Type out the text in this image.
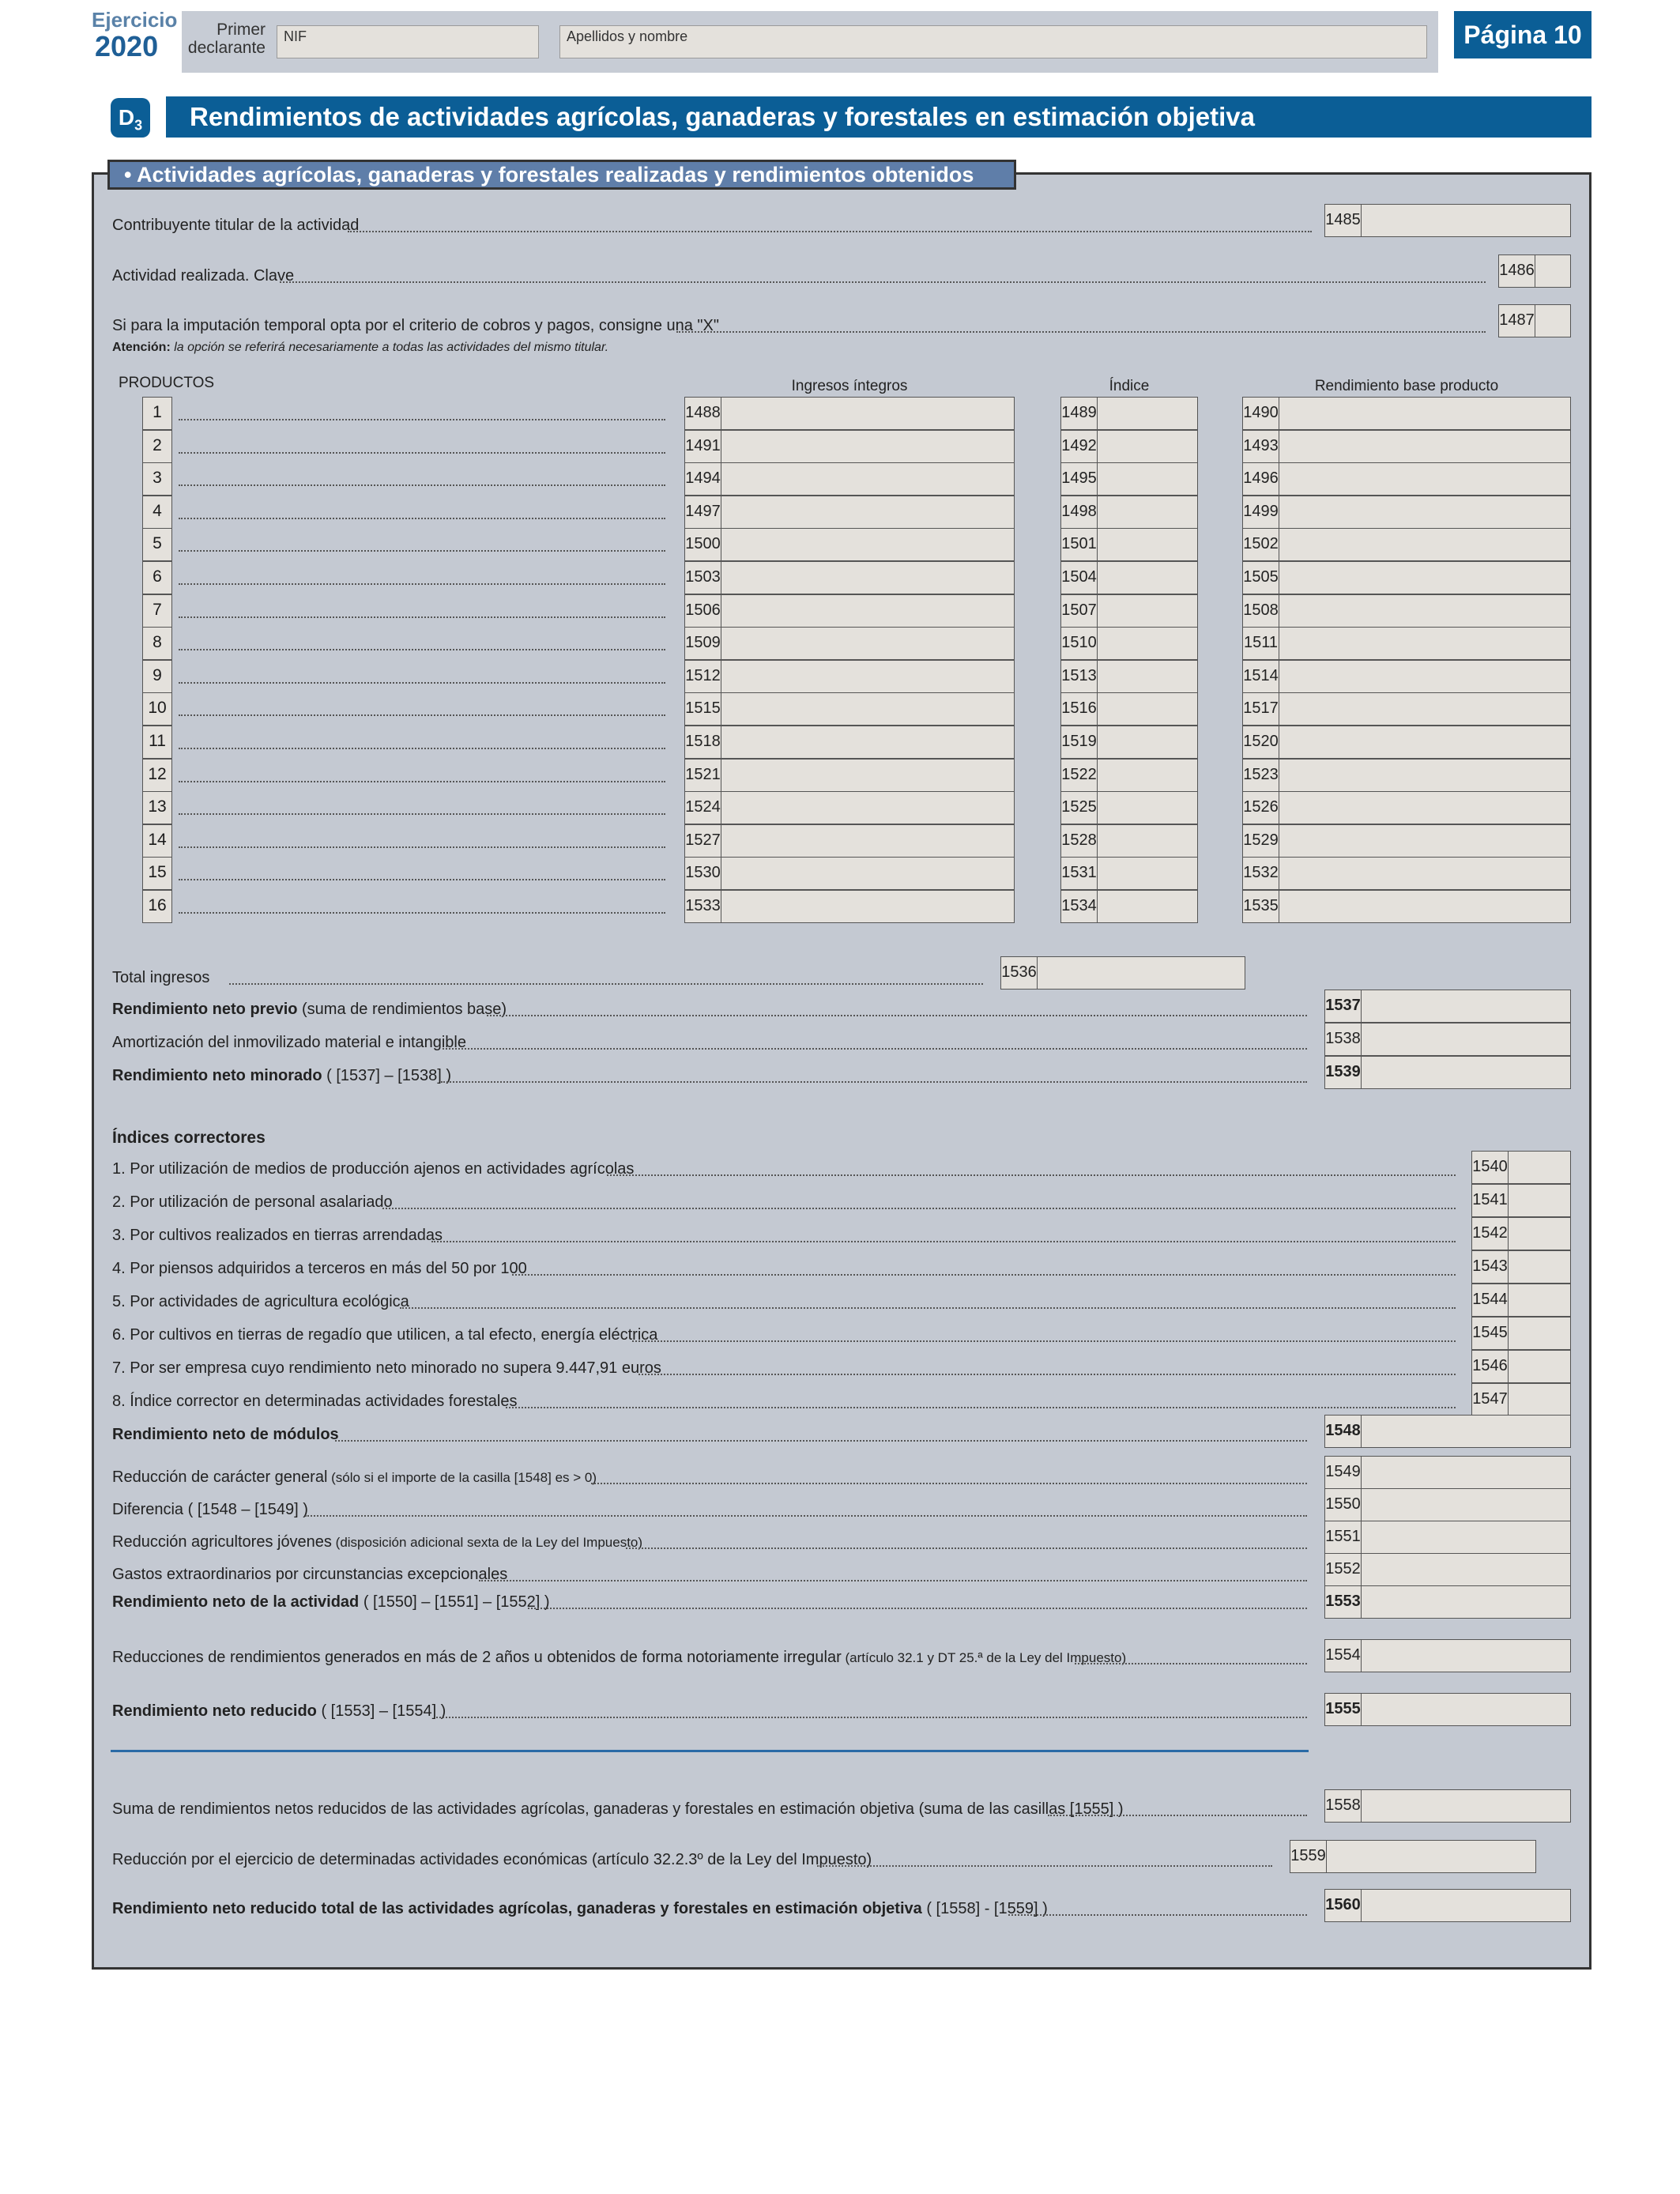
Ejercicio
2020
Primer declarante
NIF	Apellidos y nombre	Página 10
$D_3$	Rendimientos de actividades agrícolas, ganaderas y forestales en estimación objetiva
• Actividades agrícolas, ganaderas y forestales realizadas y rendimientos obtenidos
Contribuyente titular de la actividad	1485
Actividad realizada. Clave	1486
Si para la imputación temporal opta por el criterio de cobros y pagos, consigne una "X"	1487
Atención: la opción se referirá necesariamente a todas las actividades del mismo titular.
PRODUCTOS	Ingresos íntegros	Índice	Rendimiento base producto
1	1488	1489	1490
2	1491	1492	1493
3	1494	1495	1496
4	1497	1498	1499
5	1500	1501	1502
6	1503	1504	1505
7	1506	1507	1508
8	1509	1510	1511
9	1512	1513	1514
10	1515	1516	1517
11	1518	1519	1520
12	1521	1522	1523
13	1524	1525	1526
14	1527	1528	1529
15	1530	1531	1532
16	1533	1534	1535
Total ingresos	1536
Rendimiento neto previo (suma de rendimientos base)	1537
Amortización del inmovilizado material e intangible	1538
Rendimiento neto minorado ( [1537] – [1538] )	1539
Índices correctores
1. Por utilización de medios de producción ajenos en actividades agrícolas	1540
2. Por utilización de personal asalariado	1541
3. Por cultivos realizados en tierras arrendadas	1542
4. Por piensos adquiridos a terceros en más del 50 por 100	1543
5. Por actividades de agricultura ecológica	1544
6. Por cultivos en tierras de regadío que utilicen, a tal efecto, energía eléctrica	1545
7. Por ser empresa cuyo rendimiento neto minorado no supera 9.447,91 euros	1546
8. Índice corrector en determinadas actividades forestales	1547
Rendimiento neto de módulos	1548
Reducción de carácter general (sólo si el importe de la casilla [1548] es > 0)	1549
Diferencia ( [1548 – [1549] )	1550
Reducción agricultores jóvenes (disposición adicional sexta de la Ley del Impuesto)	1551
Gastos extraordinarios por circunstancias excepcionales	1552
Rendimiento neto de la actividad ( [1550] – [1551] – [1552] )	1553
Reducciones de rendimientos generados en más de 2 años u obtenidos de forma notoriamente irregular (artículo 32.1 y DT 25.ª de la Ley del Impuesto)	1554
Rendimiento neto reducido ( [1553] – [1554] )	1555
Suma de rendimientos netos reducidos de las actividades agrícolas, ganaderas y forestales en estimación objetiva (suma de las casillas [1555] )	1558
Reducción por el ejercicio de determinadas actividades económicas (artículo 32.2.3º de la Ley del Impuesto)	1559
Rendimiento neto reducido total de las actividades agrícolas, ganaderas y forestales en estimación objetiva ( [1558] - [1559] )	1560
